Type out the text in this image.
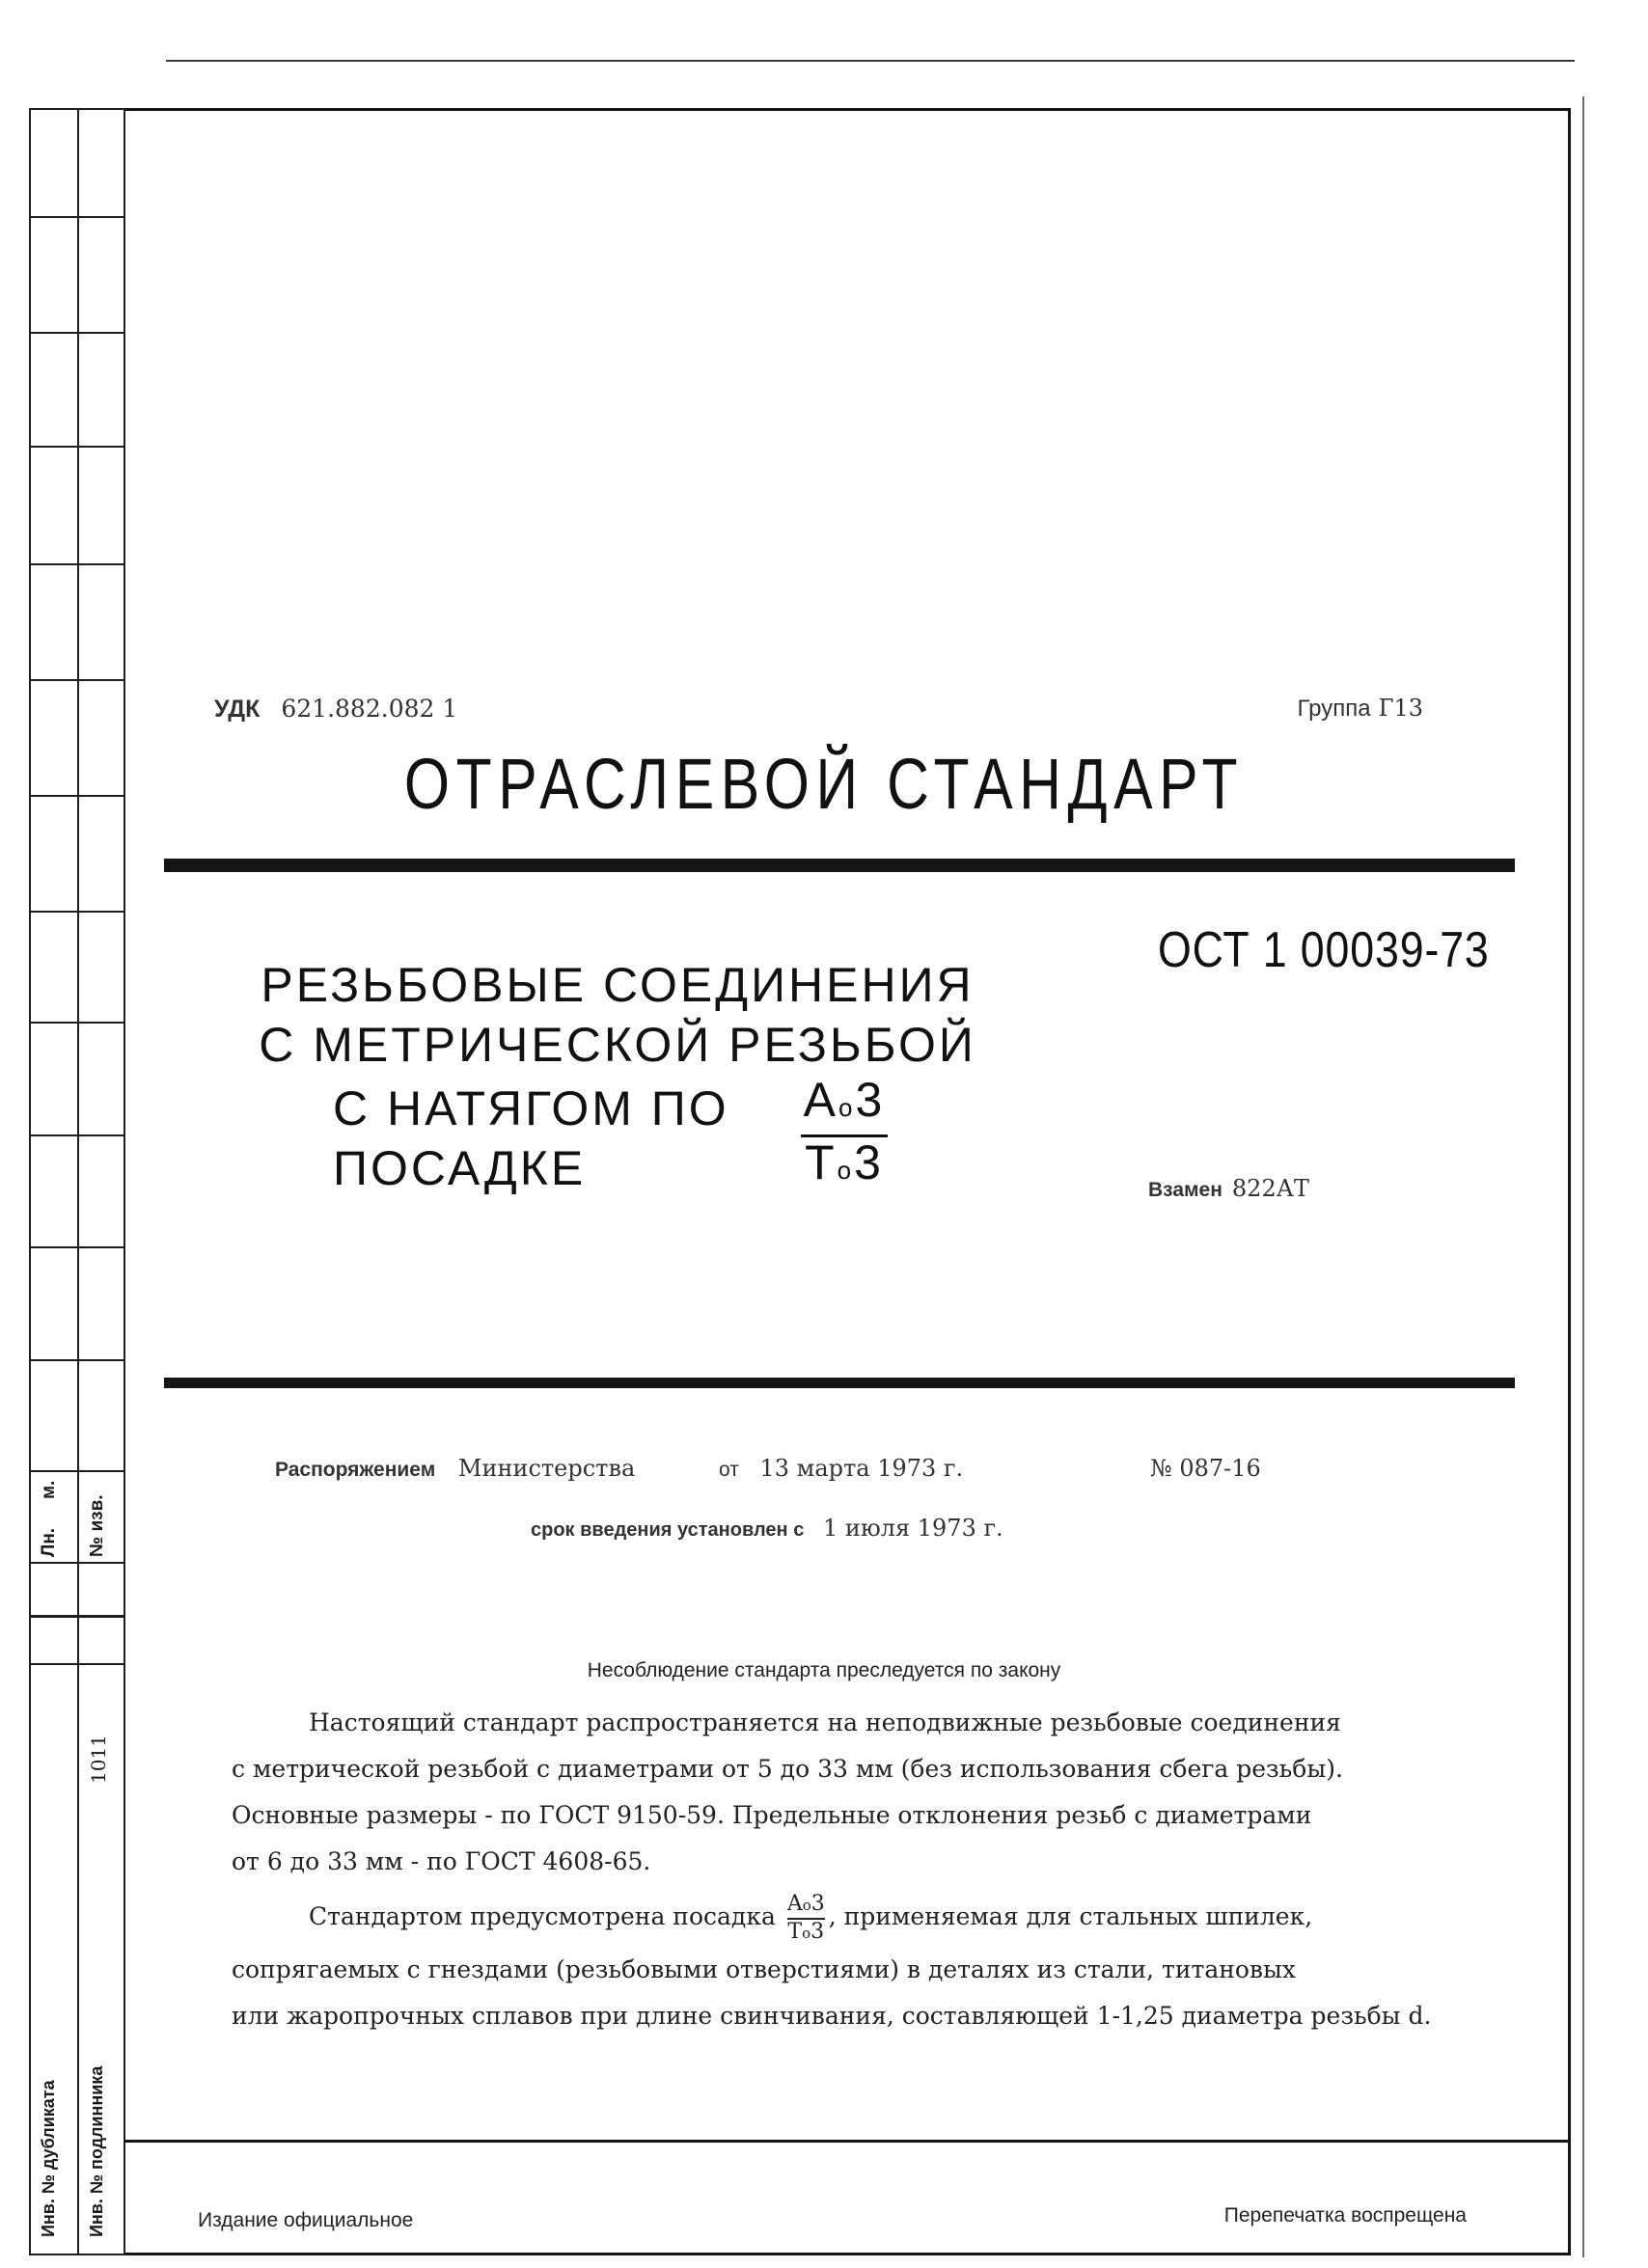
Лн.
м.
№ изв.
1011
Инв. № дубликата Инв. № подлинника
УДК 621.882.082 1	Группа Г13
ОТРАСЛЕВОЙ СТАНДАРТ
ОСТ 1 00039-73
РЕЗЬБОВЫЕ СОЕДИНЕНИЯ
С МЕТРИЧЕСКОЙ РЕЗЬБОЙ
С НАТЯГОМ ПО ПОСАДКЕ	$\frac{Ao3}{To3}$	Взамен 822АТ
Распоряжением Министерства	от 13 марта 1973 г.	№ 087-16
срок введения установлен с 1 июля 1973 г.
Несоблюдение стандарта преследуется по закону

Настоящий стандарт распространяется на неподвижные резьбовые соединения

с метрической резьбой с диаметрами от 5 до 33 мм (без использования сбега резьбы).

Основные размеры - по ГОСТ 9150-59. Предельные отклонения резьб с диаметрами

от 6 до 33 мм - по ГОСТ 4608-65.

Стандартом предусмотрена посадка $\frac{Ao3}{To3}$ , применяемая для стальных шпилек,

сопрягаемых с гнездами (резьбовыми отверстиями) в деталях из стали, титановых

или жаропрочных сплавов при длине свинчивания, составляющей 1-1,25 диаметра резьбы d.

Издание официальное	Перепечатка воспрещена
